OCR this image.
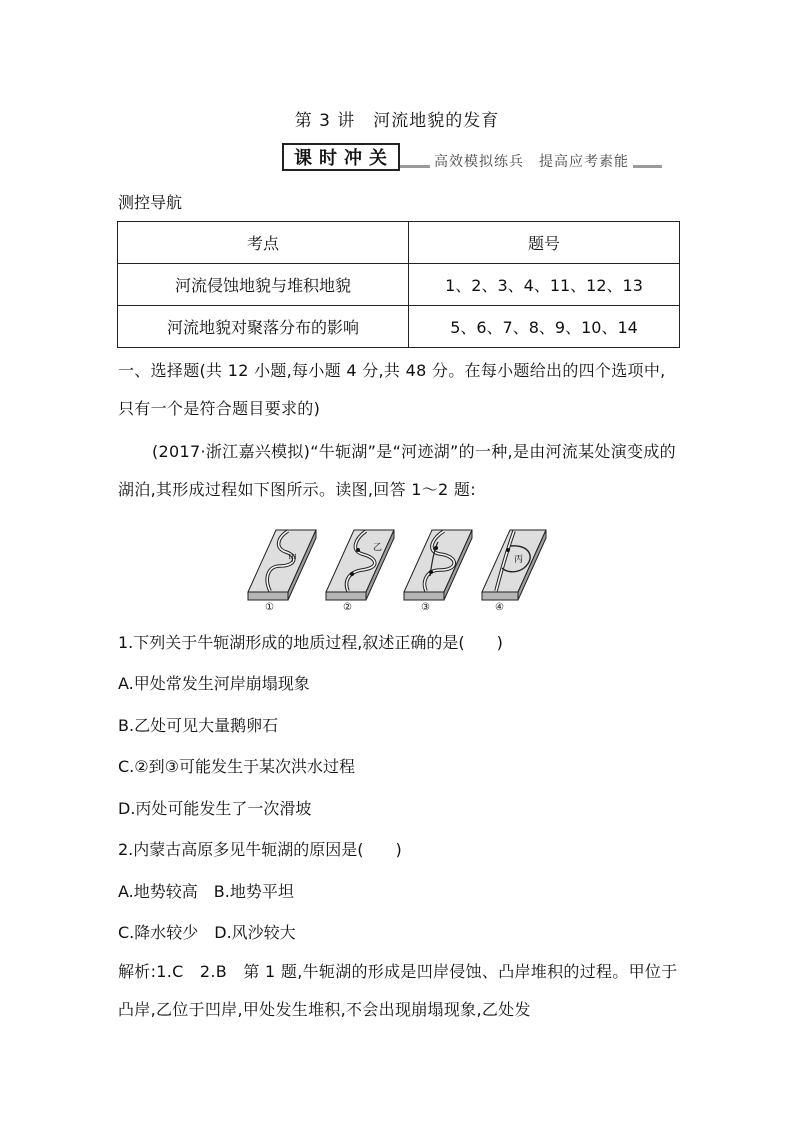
第 3 讲　河流地貌的发育
课时冲关	高效模拟练兵　提高应考素能
测控导航
考点	题号
河流侵蚀地貌与堆积地貌	1、2、3、4、11、12、13
河流地貌对聚落分布的影响	5、6、7、8、9、10、14
一、选择题(共 12 小题,每小题 4 分,共 48 分。在每小题给出的四个选项中,只有一个是符合题目要求的)
(2017·浙江嘉兴模拟)“牛轭湖”是“河迹湖”的一种,是由河流某处演变成的湖泊,其形成过程如下图所示。读图,回答 1～2 题:
甲
①
乙
②	③
丙
④
1.下列关于牛轭湖形成的地质过程,叙述正确的是(　　)
A.甲处常发生河岸崩塌现象
B.乙处可见大量鹅卵石
C.②到③可能发生于某次洪水过程
D.丙处可能发生了一次滑坡
2.内蒙古高原多见牛轭湖的原因是(　　)
A.地势较高　B.地势平坦
C.降水较少　D.风沙较大
解析:1.C　2.B　第 1 题,牛轭湖的形成是凹岸侵蚀、凸岸堆积的过程。甲位于凸岸,乙位于凹岸,甲处发生堆积,不会出现崩塌现象,乙处发
